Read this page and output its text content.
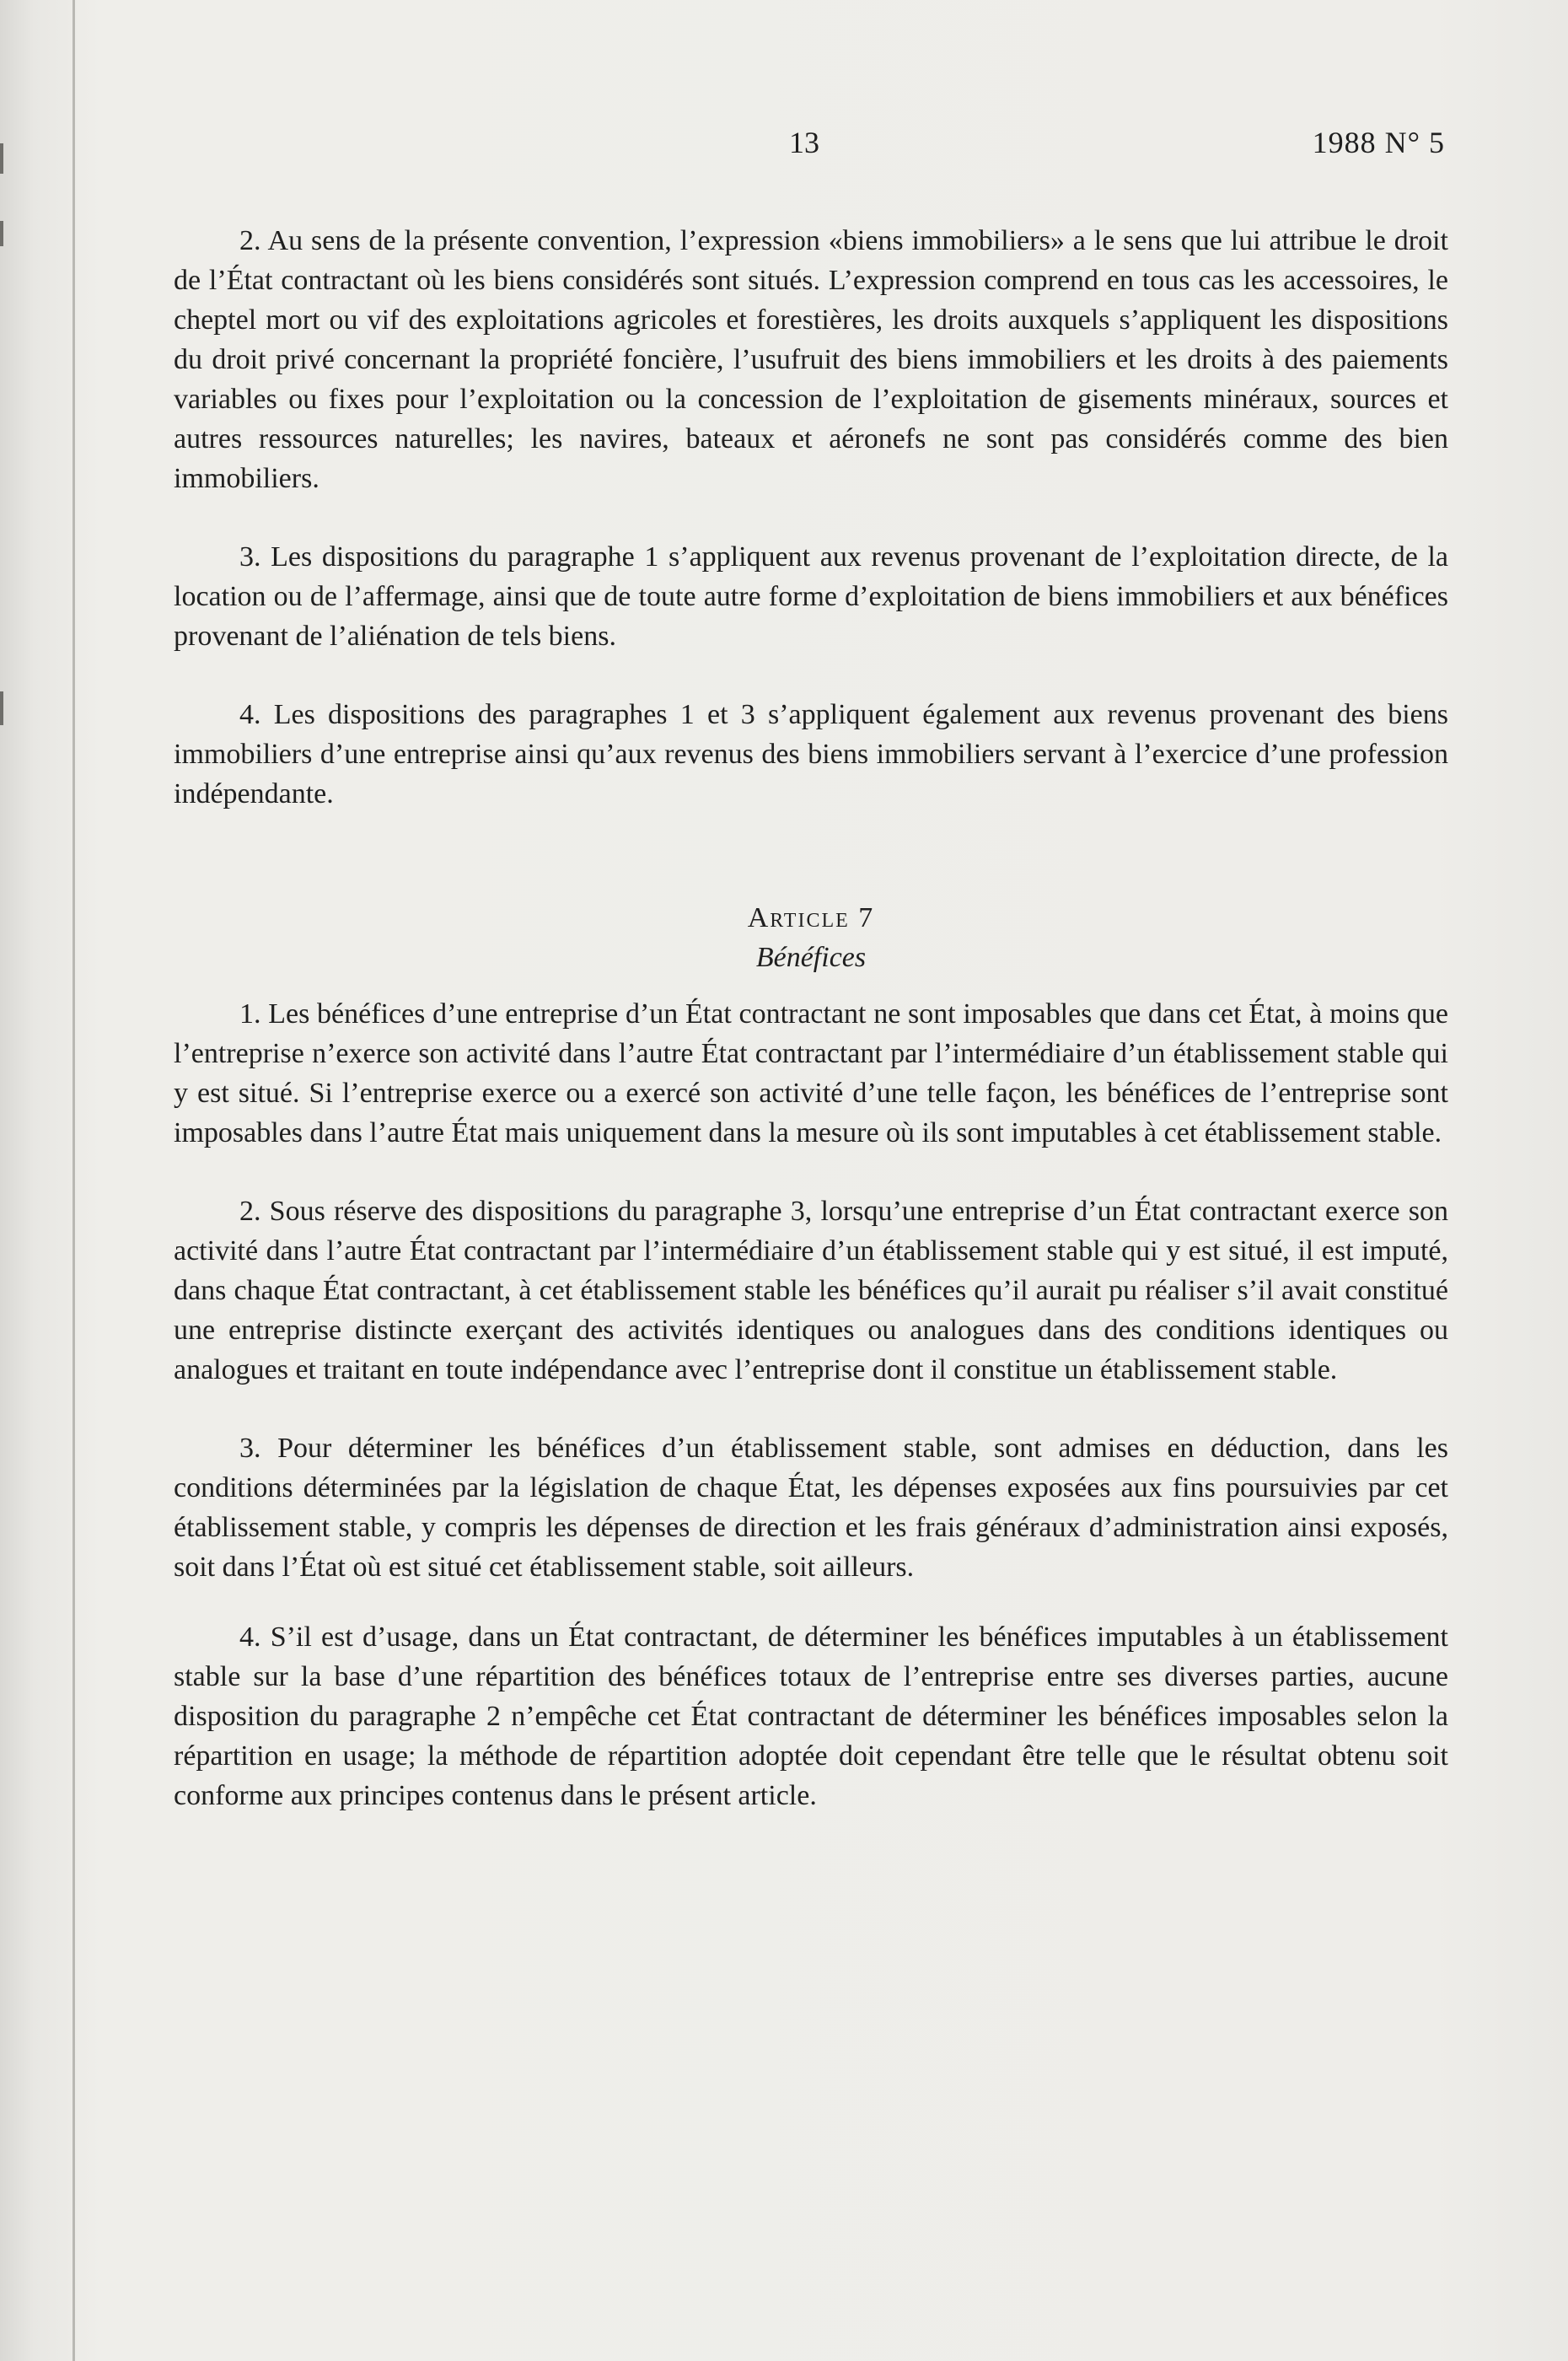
13	1988 N° 5

2. Au sens de la présente convention, l’expression «biens immobiliers» a le sens que lui attribue le droit de l’État contractant où les biens considérés sont situés. L’expression comprend en tous cas les accessoires, le cheptel mort ou vif des exploitations agricoles et forestières, les droits auxquels s’appliquent les dispositions du droit privé concernant la propriété foncière, l’usufruit des biens immobiliers et les droits à des paiements variables ou fixes pour l’exploitation ou la concession de l’exploitation de gisements minéraux, sources et autres ressources naturelles; les navires, bateaux et aéronefs ne sont pas considérés comme des bien immobiliers.

3. Les dispositions du paragraphe 1 s’appliquent aux revenus provenant de l’exploitation directe, de la location ou de l’affermage, ainsi que de toute autre forme d’exploitation de biens immobiliers et aux bénéfices provenant de l’aliénation de tels biens.

4. Les dispositions des paragraphes 1 et 3 s’appliquent également aux revenus provenant des biens immobiliers d’une entreprise ainsi qu’aux revenus des biens immobiliers servant à l’exercice d’une profession indépendante.

Article 7

Bénéfices

1. Les bénéfices d’une entreprise d’un État contractant ne sont imposables que dans cet État, à moins que l’entreprise n’exerce son activité dans l’autre État contractant par l’intermédiaire d’un établissement stable qui y est situé. Si l’entreprise exerce ou a exercé son activité d’une telle façon, les bénéfices de l’entreprise sont imposables dans l’autre État mais uniquement dans la mesure où ils sont imputables à cet établissement stable.

2. Sous réserve des dispositions du paragraphe 3, lorsqu’une entreprise d’un État contractant exerce son activité dans l’autre État contractant par l’intermédiaire d’un établissement stable qui y est situé, il est imputé, dans chaque État contractant, à cet établissement stable les bénéfices qu’il aurait pu réaliser s’il avait constitué une entreprise distincte exerçant des activités identiques ou analogues dans des conditions identiques ou analogues et traitant en toute indépendance avec l’entreprise dont il constitue un établissement stable.

3. Pour déterminer les bénéfices d’un établissement stable, sont admises en déduction, dans les conditions déterminées par la législation de chaque État, les dépenses exposées aux fins poursuivies par cet établissement stable, y compris les dépenses de direction et les frais généraux d’administration ainsi exposés, soit dans l’État où est situé cet établissement stable, soit ailleurs.

4. S’il est d’usage, dans un État contractant, de déterminer les bénéfices imputables à un établissement stable sur la base d’une répartition des bénéfices totaux de l’entreprise entre ses diverses parties, aucune disposition du paragraphe 2 n’empêche cet État contractant de déterminer les bénéfices imposables selon la répartition en usage; la méthode de répartition adoptée doit cependant être telle que le résultat obtenu soit conforme aux principes contenus dans le présent article.
